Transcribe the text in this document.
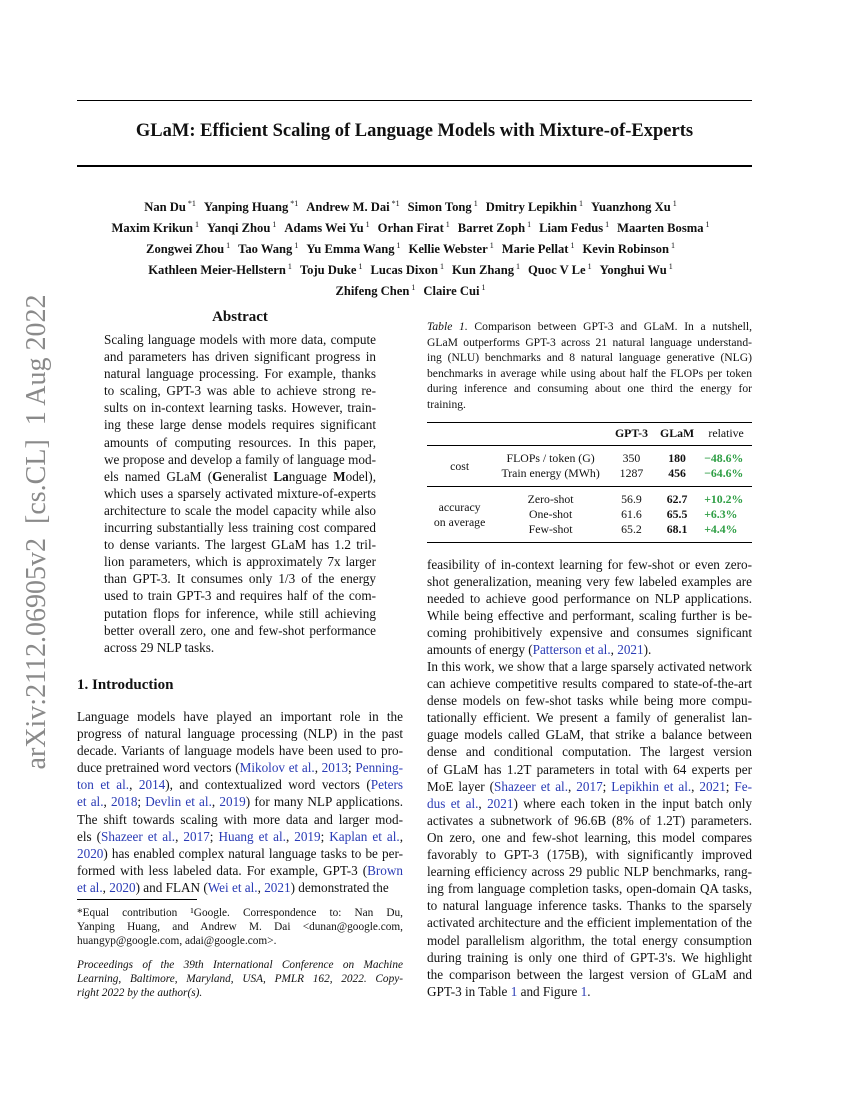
arXiv:2112.06905v2  [cs.CL]  1 Aug 2022
GLaM: Efficient Scaling of Language Models with Mixture-of-Experts
Nan Du $^{*1}$ Yanping Huang $^{*1}$ Andrew M. Dai $^{*1}$ Simon Tong $^1$ Dmitry Lepikhin $^1$ Yuanzhong Xu $^1$
Maxim Krikun $^1$ Yanqi Zhou $^1$ Adams Wei Yu $^1$ Orhan Firat $^1$ Barret Zoph $^1$ Liam Fedus $^1$ Maarten Bosma $^1$
Zongwei Zhou $^1$ Tao Wang $^1$ Yu Emma Wang $^1$ Kellie Webster $^1$ Marie Pellat $^1$ Kevin Robinson $^1$
Kathleen Meier-Hellstern $^1$ Toju Duke $^1$ Lucas Dixon $^1$ Kun Zhang $^1$ Quoc V Le $^1$ Yonghui Wu $^1$
Zhifeng Chen $^1$ Claire Cui $^1$
Abstract
Scaling language models with more data, compute
and parameters has driven significant progress in
natural language processing. For example, thanks
to scaling, GPT-3 was able to achieve strong re-
sults on in-context learning tasks. However, train-
ing these large dense models requires significant
amounts of computing resources. In this paper,
we propose and develop a family of language mod-
els named GLaM (Generalist Language Model),
which uses a sparsely activated mixture-of-experts
architecture to scale the model capacity while also
incurring substantially less training cost compared
to dense variants. The largest GLaM has 1.2 tril-
lion parameters, which is approximately 7x larger
than GPT-3. It consumes only 1/3 of the energy
used to train GPT-3 and requires half of the com-
putation flops for inference, while still achieving
better overall zero, one and few-shot performance
across 29 NLP tasks.
1. Introduction
Language models have played an important role in the
progress of natural language processing (NLP) in the past
decade. Variants of language models have been used to pro-
duce pretrained word vectors (Mikolov et al., 2013; Penning-
ton et al., 2014), and contextualized word vectors (Peters
et al., 2018; Devlin et al., 2019) for many NLP applications.
The shift towards scaling with more data and larger mod-
els (Shazeer et al., 2017; Huang et al., 2019; Kaplan et al.,
2020) has enabled complex natural language tasks to be per-
formed with less labeled data. For example, GPT-3 (Brown
et al., 2020) and FLAN (Wei et al., 2021) demonstrated the
*Equal contribution ¹Google. Correspondence to: Nan Du,
Yanping Huang, and Andrew M. Dai <dunan@google.com,
huangyp@google.com, adai@google.com>.
Proceedings of the 39th International Conference on Machine
Learning, Baltimore, Maryland, USA, PMLR 162, 2022. Copy-
right 2022 by the author(s).
Table 1. Comparison between GPT-3 and GLaM. In a nutshell,
GLaM outperforms GPT-3 across 21 natural language understand-
ing (NLU) benchmarks and 8 natural language generative (NLG)
benchmarks in average while using about half the FLOPs per token
during inference and consuming about one third the energy for
training.
		GPT-3	GLaM	relative

cost	FLOPs / token (G)	350	180	−48.6%
	Train energy (MWh)	1287	456	−64.6%

accuracy
on average	Zero-shot	56.9	62.7	+10.2%
	One-shot	61.6	65.5	+6.3%
	Few-shot	65.2	68.1	+4.4%
feasibility of in-context learning for few-shot or even zero-
shot generalization, meaning very few labeled examples are
needed to achieve good performance on NLP applications.
While being effective and performant, scaling further is be-
coming prohibitively expensive and consumes significant
amounts of energy (Patterson et al., 2021).
In this work, we show that a large sparsely activated network
can achieve competitive results compared to state-of-the-art
dense models on few-shot tasks while being more compu-
tationally efficient. We present a family of generalist lan-
guage models called GLaM, that strike a balance between
dense and conditional computation. The largest version
of GLaM has 1.2T parameters in total with 64 experts per
MoE layer (Shazeer et al., 2017; Lepikhin et al., 2021; Fe-
dus et al., 2021) where each token in the input batch only
activates a subnetwork of 96.6B (8% of 1.2T) parameters.
On zero, one and few-shot learning, this model compares
favorably to GPT-3 (175B), with significantly improved
learning efficiency across 29 public NLP benchmarks, rang-
ing from language completion tasks, open-domain QA tasks,
to natural language inference tasks. Thanks to the sparsely
activated architecture and the efficient implementation of the
model parallelism algorithm, the total energy consumption
during training is only one third of GPT-3's. We highlight
the comparison between the largest version of GLaM and
GPT-3 in Table 1 and Figure 1.
